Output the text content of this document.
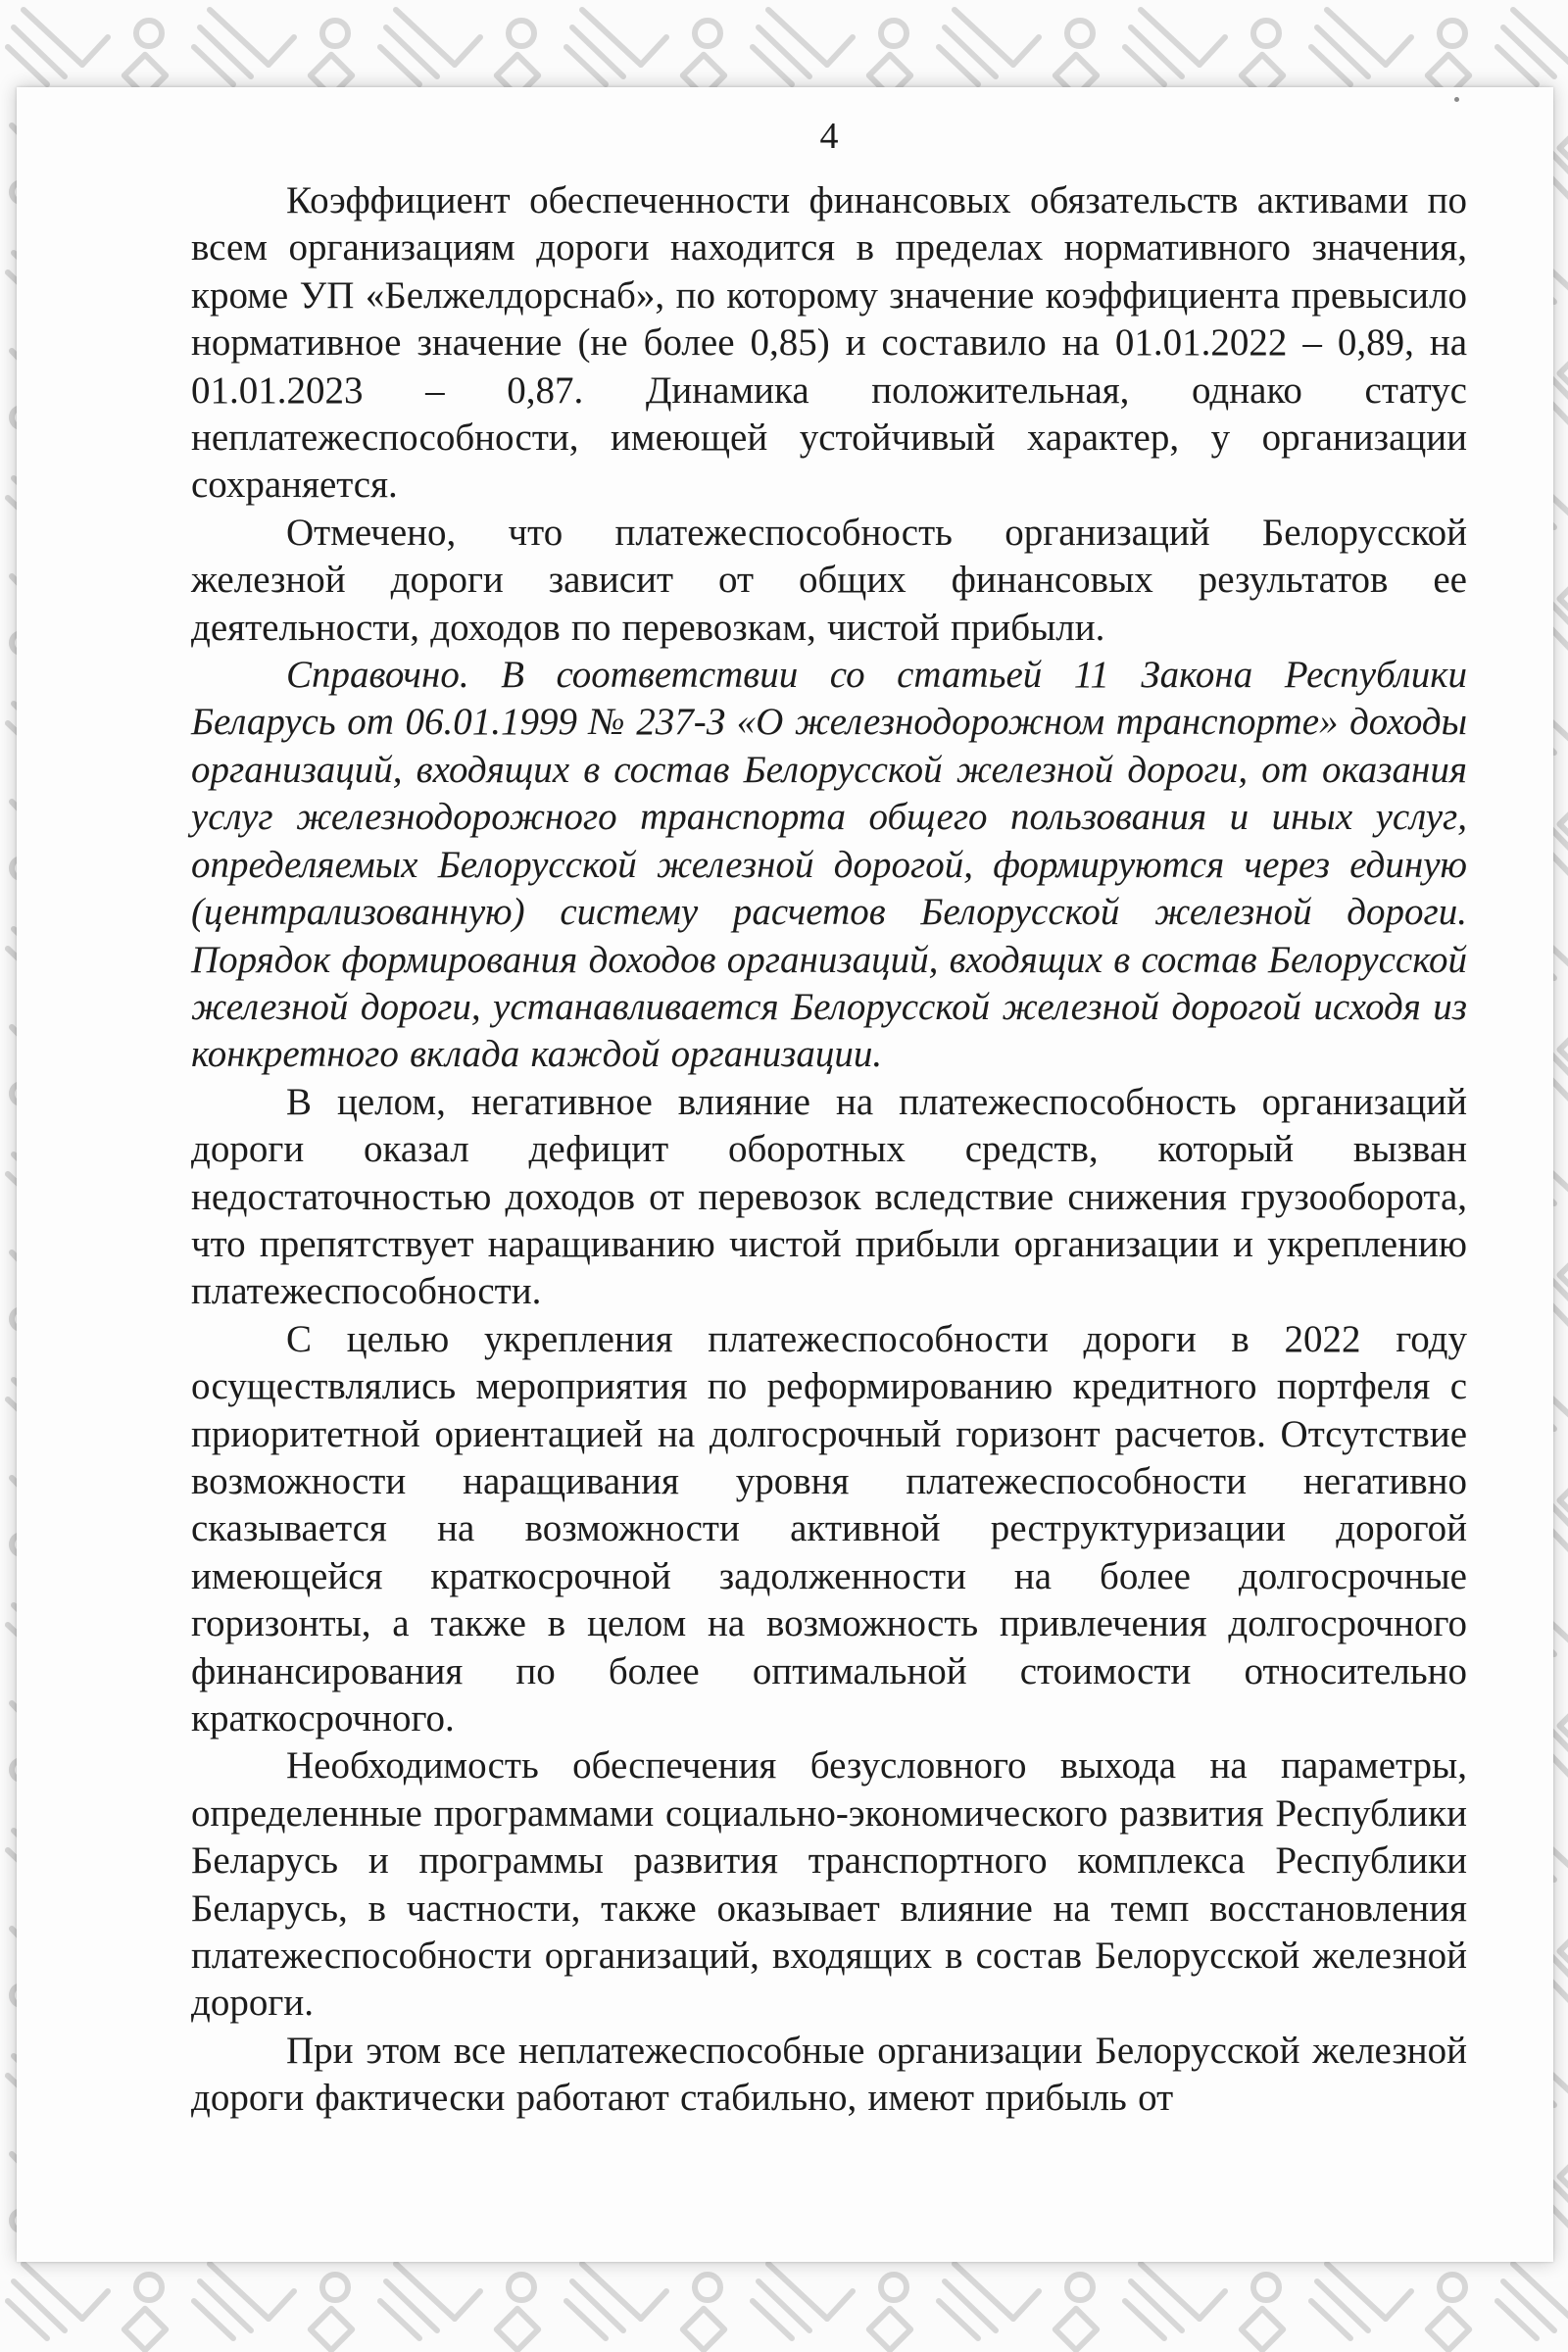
4

Коэффициент обеспеченности финансовых обязательств активами по всем организациям дороги находится в пределах нормативного значения, кроме УП «Белжелдорснаб», по которому значение коэффициента превысило нормативное значение (не более 0,85) и составило на 01.01.2022 – 0,89, на 01.01.2023 – 0,87. Динамика положительная, однако статус неплатежеспособности, имеющей устойчивый характер, у организации сохраняется.

Отмечено, что платежеспособность организаций Белорусской железной дороги зависит от общих финансовых результатов ее деятельности, доходов по перевозкам, чистой прибыли.

Справочно. В соответствии со статьей 11 Закона Республики Беларусь от 06.01.1999 № 237-З «О железнодорожном транспорте» доходы организаций, входящих в состав Белорусской железной дороги, от оказания услуг железнодорожного транспорта общего пользования и иных услуг, определяемых Белорусской железной дорогой, формируются через единую (централизованную) систему расчетов Белорусской железной дороги. Порядок формирования доходов организаций, входящих в состав Белорусской железной дороги, устанавливается Белорусской железной дорогой исходя из конкретного вклада каждой организации.

В целом, негативное влияние на платежеспособность организаций дороги оказал дефицит оборотных средств, который вызван недостаточностью доходов от перевозок вследствие снижения грузооборота, что препятствует наращиванию чистой прибыли организации и укреплению платежеспособности.

С целью укрепления платежеспособности дороги в 2022 году осуществлялись мероприятия по реформированию кредитного портфеля с приоритетной ориентацией на долгосрочный горизонт расчетов. Отсутствие возможности наращивания уровня платежеспособности негативно сказывается на возможности активной реструктуризации дорогой имеющейся краткосрочной задолженности на более долгосрочные горизонты, а также в целом на возможность привлечения долгосрочного финансирования по более оптимальной стоимости относительно краткосрочного.

Необходимость обеспечения безусловного выхода на параметры, определенные программами социально-экономического развития Республики Беларусь и программы развития транспортного комплекса Республики Беларусь, в частности, также оказывает влияние на темп восстановления платежеспособности организаций, входящих в состав Белорусской железной дороги.

При этом все неплатежеспособные организации Белорусской железной дороги фактически работают стабильно, имеют прибыль от
